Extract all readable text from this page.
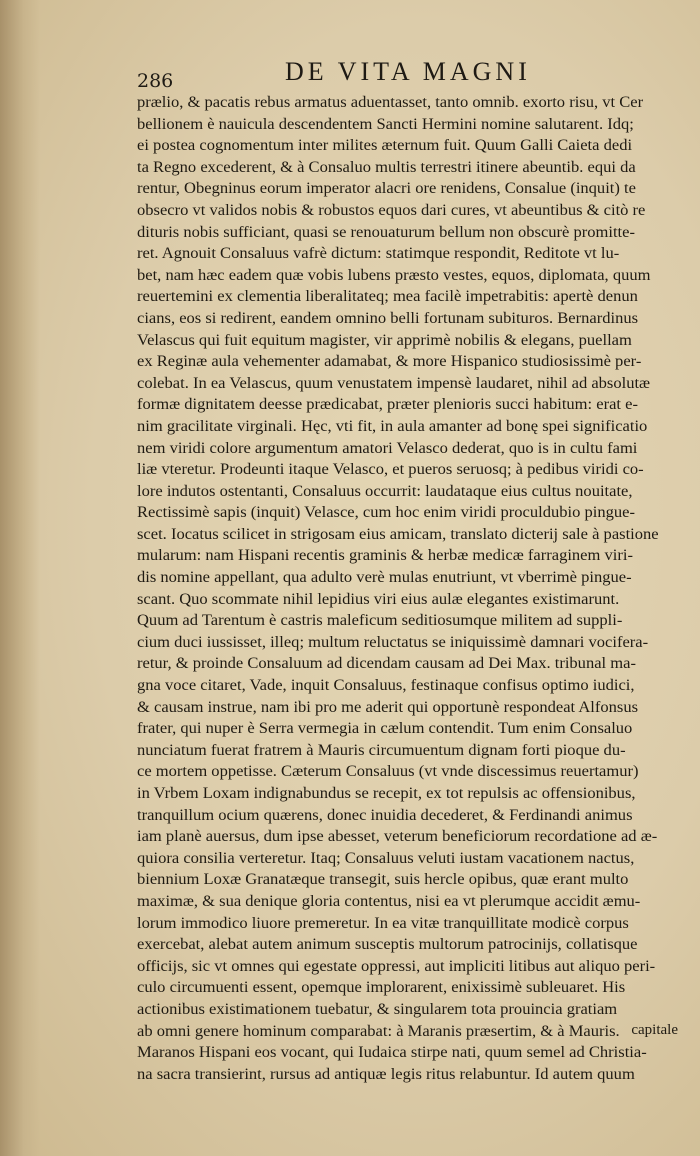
286	DE VITA MAGNI
prælio, & pacatis rebus armatus aduentasset, tanto omnib. exorto risu, vt Cer
bellionem è nauicula descendentem Sancti Hermini nomine salutarent. Idq;
ei postea cognomentum inter milites æternum fuit. Quum Galli Caieta dedi
ta Regno excederent, & à Consaluo multis terrestri itinere abeuntib. equi da
rentur, Obegninus eorum imperator alacri ore renidens, Consalue (inquit) te
obsecro vt validos nobis & robustos equos dari cures, vt abeuntibus & citò re
dituris nobis sufficiant, quasi se renouaturum bellum non obscurè promitte-
ret. Agnouit Consaluus vafrè dictum: statimque respondit, Reditote vt lu-
bet, nam hæc eadem quæ vobis lubens præsto vestes, equos, diplomata, quum
reuertemini ex clementia liberalitateq; mea facilè impetrabitis: apertè denun
cians, eos si redirent, eandem omnino belli fortunam subituros. Bernardinus
Velascus qui fuit equitum magister, vir apprimè nobilis & elegans, puellam
ex Reginæ aula vehementer adamabat, & more Hispanico studiosissimè per-
colebat. In ea Velascus, quum venustatem impensè laudaret, nihil ad absolutæ
formæ dignitatem deesse prædicabat, præter plenioris succi habitum: erat e-
nim gracilitate virginali. Hęc, vti fit, in aula amanter ad bonę spei significatio
nem viridi colore argumentum amatori Velasco dederat, quo is in cultu fami
liæ vteretur. Prodeunti itaque Velasco, et pueros seruosq; à pedibus viridi co-
lore indutos ostentanti, Consaluus occurrit: laudataque eius cultus nouitate,
Rectissimè sapis (inquit) Velasce, cum hoc enim viridi proculdubio pingue-
scet. Iocatus scilicet in strigosam eius amicam, translato dicterij sale à pastione
mularum: nam Hispani recentis graminis & herbæ medicæ farraginem viri-
dis nomine appellant, qua adulto verè mulas enutriunt, vt vberrimè pingue-
scant. Quo scommate nihil lepidius viri eius aulæ elegantes existimarunt.
Quum ad Tarentum è castris maleficum seditiosumque militem ad suppli-
cium duci iussisset, illeq; multum reluctatus se iniquissimè damnari vocifera-
retur, & proinde Consaluum ad dicendam causam ad Dei Max. tribunal ma-
gna voce citaret, Vade, inquit Consaluus, festinaque confisus optimo iudici,
& causam instrue, nam ibi pro me aderit qui opportunè respondeat Alfonsus
frater, qui nuper è Serra vermegia in cælum contendit. Tum enim Consaluo
nunciatum fuerat fratrem à Mauris circumuentum dignam forti pioque du-
ce mortem oppetisse. Cæterum Consaluus (vt vnde discessimus reuertamur)
in Vrbem Loxam indignabundus se recepit, ex tot repulsis ac offensionibus,
tranquillum ocium quærens, donec inuidia decederet, & Ferdinandi animus
iam planè auersus, dum ipse abesset, veterum beneficiorum recordatione ad æ-
quiora consilia verteretur. Itaq; Consaluus veluti iustam vacationem nactus,
biennium Loxæ Granatæque transegit, suis hercle opibus, quæ erant multo
maximæ, & sua denique gloria contentus, nisi ea vt plerumque accidit æmu-
lorum immodico liuore premeretur. In ea vitæ tranquillitate modicè corpus
exercebat, alebat autem animum susceptis multorum patrocinijs, collatisque
officijs, sic vt omnes qui egestate oppressi, aut impliciti litibus aut aliquo peri-
culo circumuenti essent, opemque implorarent, enixissimè subleuaret. His
actionibus existimationem tuebatur, & singularem tota prouincia gratiam
ab omni genere hominum comparabat: à Maranis præsertim, & à Mauris.
Maranos Hispani eos vocant, qui Iudaica stirpe nati, quum semel ad Christia-
na sacra transierint, rursus ad antiquæ legis ritus relabuntur. Id autem quum
capitale
